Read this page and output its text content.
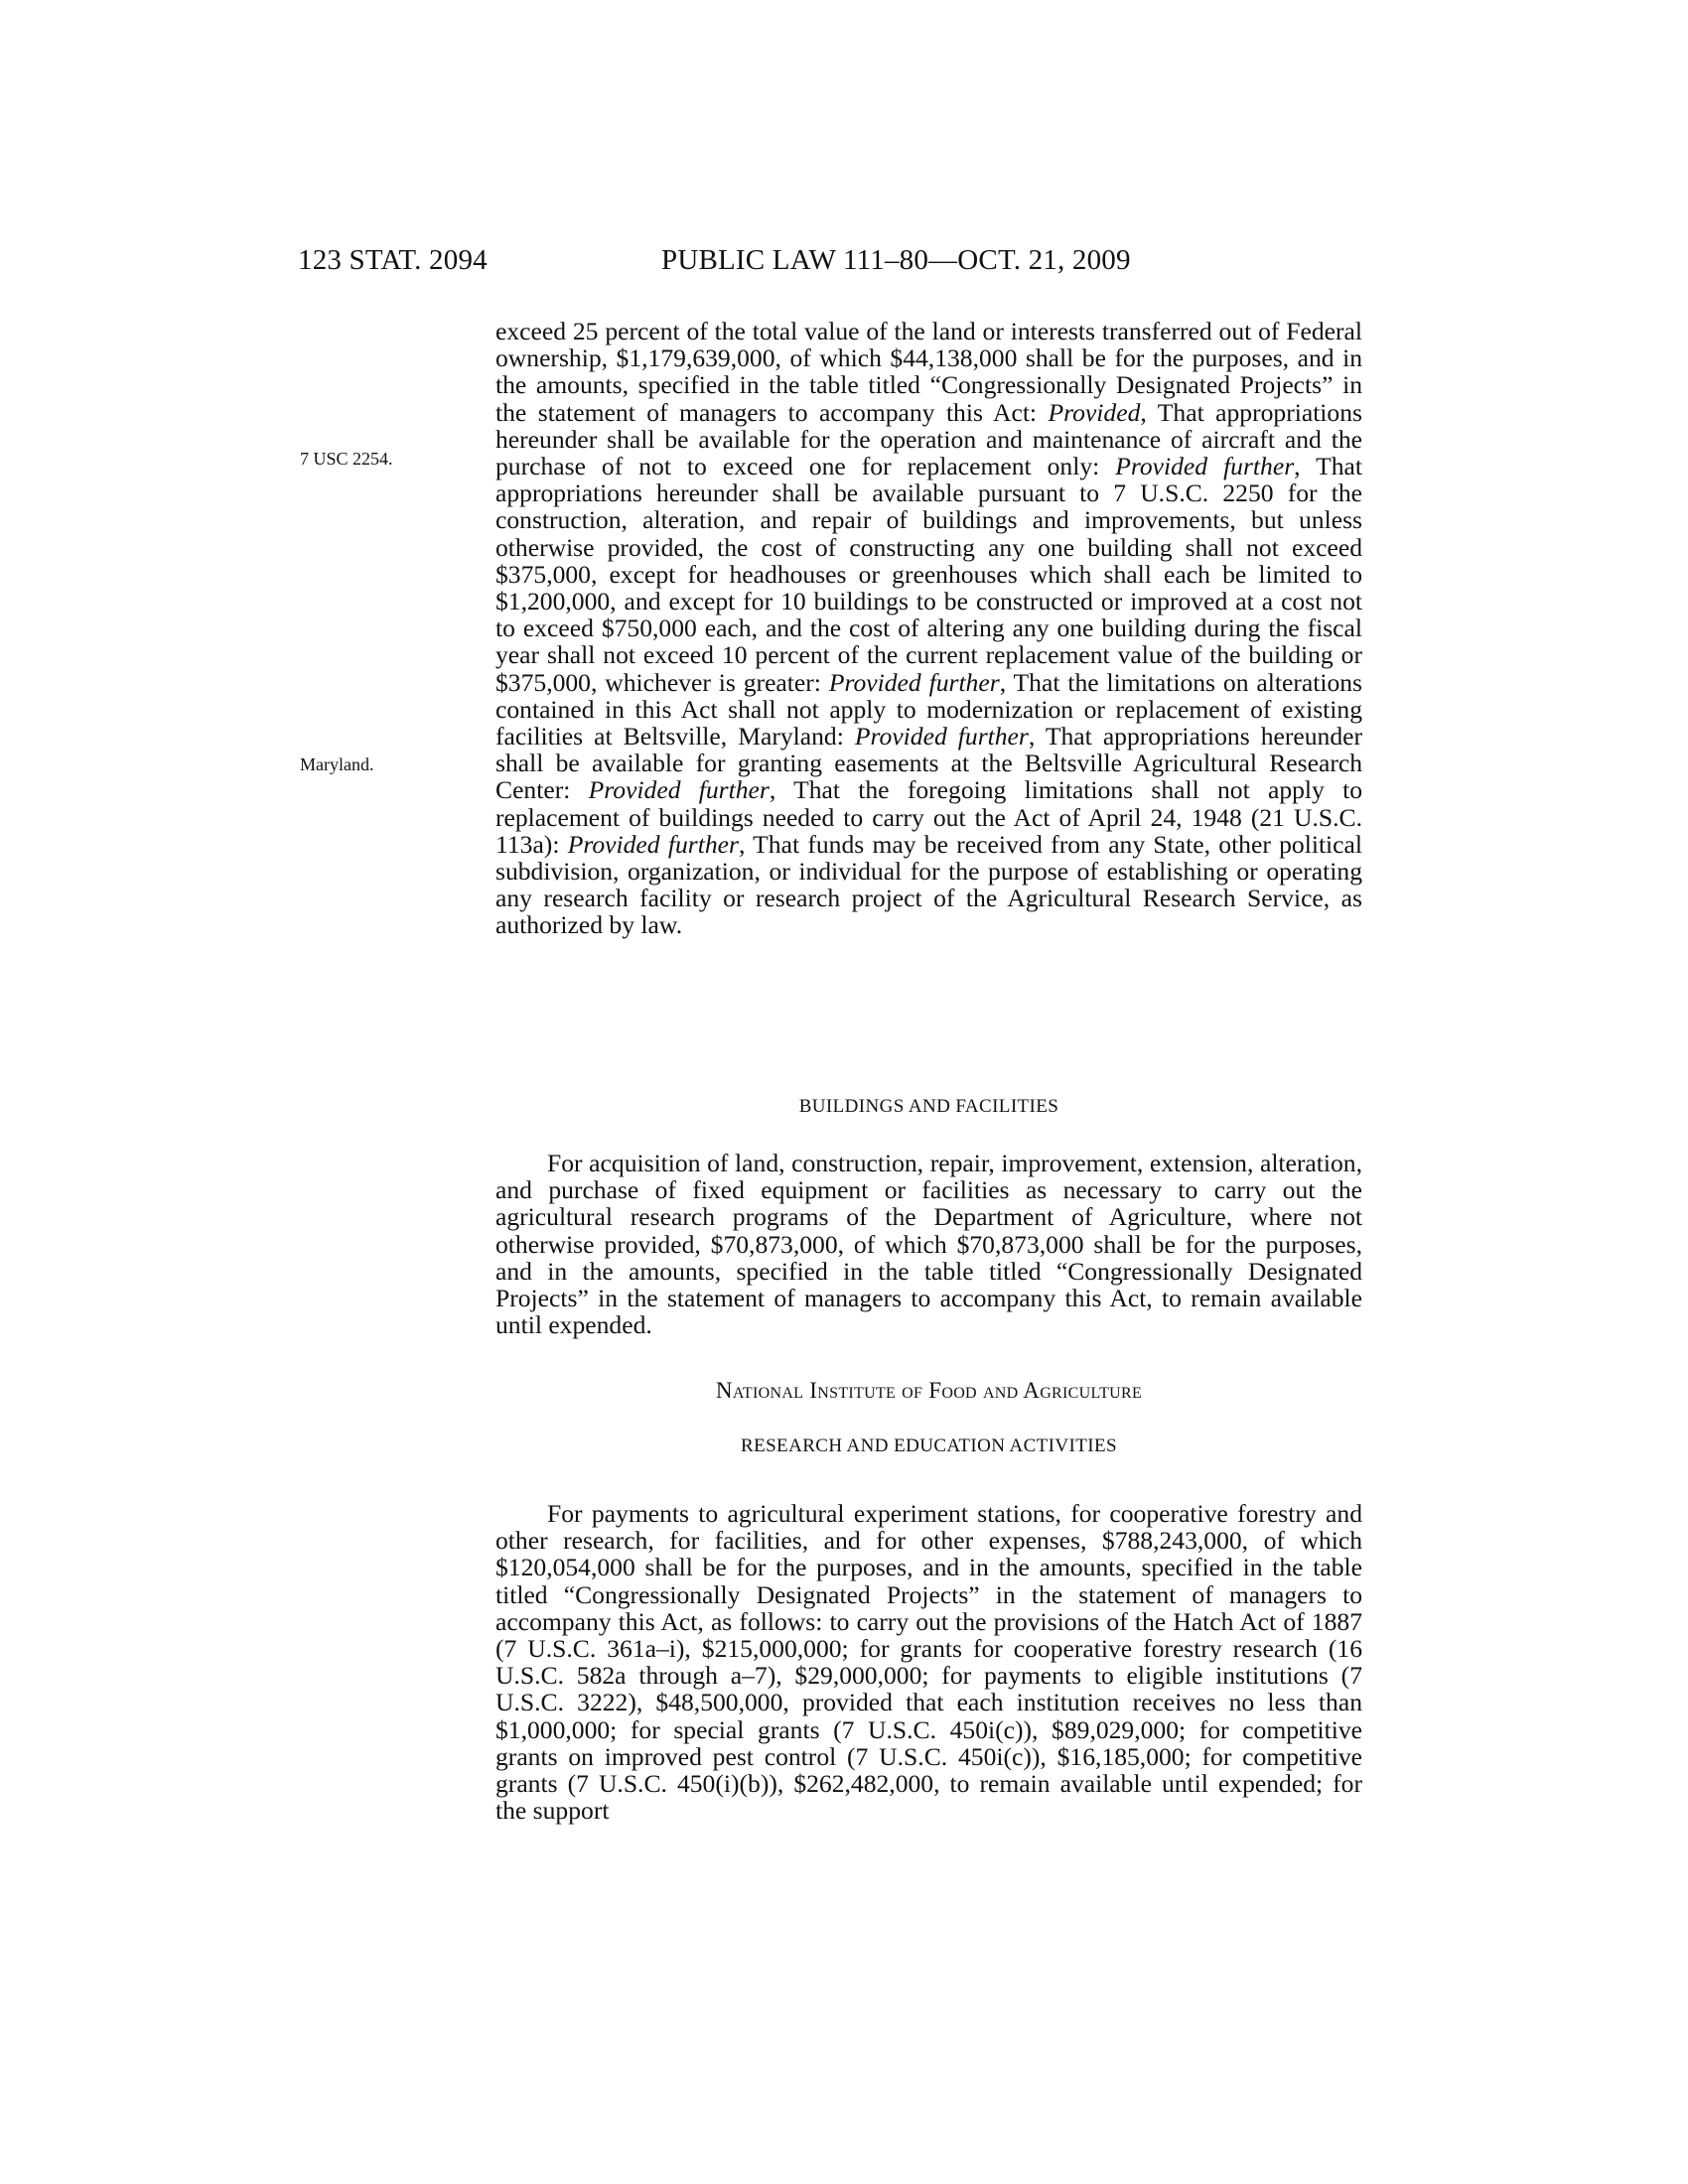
123 STAT. 2094	PUBLIC LAW 111–80—OCT. 21, 2009
7 USC 2254.
Maryland.

exceed 25 percent of the total value of the land or interests transferred out of Federal ownership, $1,179,639,000, of which $44,138,000 shall be for the purposes, and in the amounts, specified in the table titled “Congressionally Designated Projects” in the statement of managers to accompany this Act: Provided, That appropriations hereunder shall be available for the operation and maintenance of aircraft and the purchase of not to exceed one for replacement only: Provided further, That appropriations hereunder shall be available pursuant to 7 U.S.C. 2250 for the construction, alteration, and repair of buildings and improvements, but unless otherwise provided, the cost of constructing any one building shall not exceed $375,000, except for headhouses or greenhouses which shall each be limited to $1,200,000, and except for 10 buildings to be constructed or improved at a cost not to exceed $750,000 each, and the cost of altering any one building during the fiscal year shall not exceed 10 percent of the current replacement value of the building or $375,000, whichever is greater: Provided further, That the limitations on alterations contained in this Act shall not apply to modernization or replacement of existing facilities at Beltsville, Maryland: Provided further, That appropriations hereunder shall be available for granting easements at the Beltsville Agricultural Research Center: Provided further, That the foregoing limitations shall not apply to replacement of buildings needed to carry out the Act of April 24, 1948 (21 U.S.C. 113a): Provided further, That funds may be received from any State, other political subdivision, organization, or individual for the purpose of establishing or operating any research facility or research project of the Agricultural Research Service, as authorized by law.

BUILDINGS AND FACILITIES

For acquisition of land, construction, repair, improvement, extension, alteration, and purchase of fixed equipment or facilities as necessary to carry out the agricultural research programs of the Department of Agriculture, where not otherwise provided, $70,873,000, of which $70,873,000 shall be for the purposes, and in the amounts, specified in the table titled “Congressionally Designated Projects” in the statement of managers to accompany this Act, to remain available until expended.

National Institute of Food and Agriculture
RESEARCH AND EDUCATION ACTIVITIES

For payments to agricultural experiment stations, for cooperative forestry and other research, for facilities, and for other expenses, $788,243,000, of which $120,054,000 shall be for the purposes, and in the amounts, specified in the table titled “Congressionally Designated Projects” in the statement of managers to accompany this Act, as follows: to carry out the provisions of the Hatch Act of 1887 (7 U.S.C. 361a–i), $215,000,000; for grants for cooperative forestry research (16 U.S.C. 582a through a–7), $29,000,000; for payments to eligible institutions (7 U.S.C. 3222), $48,500,000, provided that each institution receives no less than $1,000,000; for special grants (7 U.S.C. 450i(c)), $89,029,000; for competitive grants on improved pest control (7 U.S.C. 450i(c)), $16,185,000; for competitive grants (7 U.S.C. 450(i)(b)), $262,482,000, to remain available until expended; for the support
